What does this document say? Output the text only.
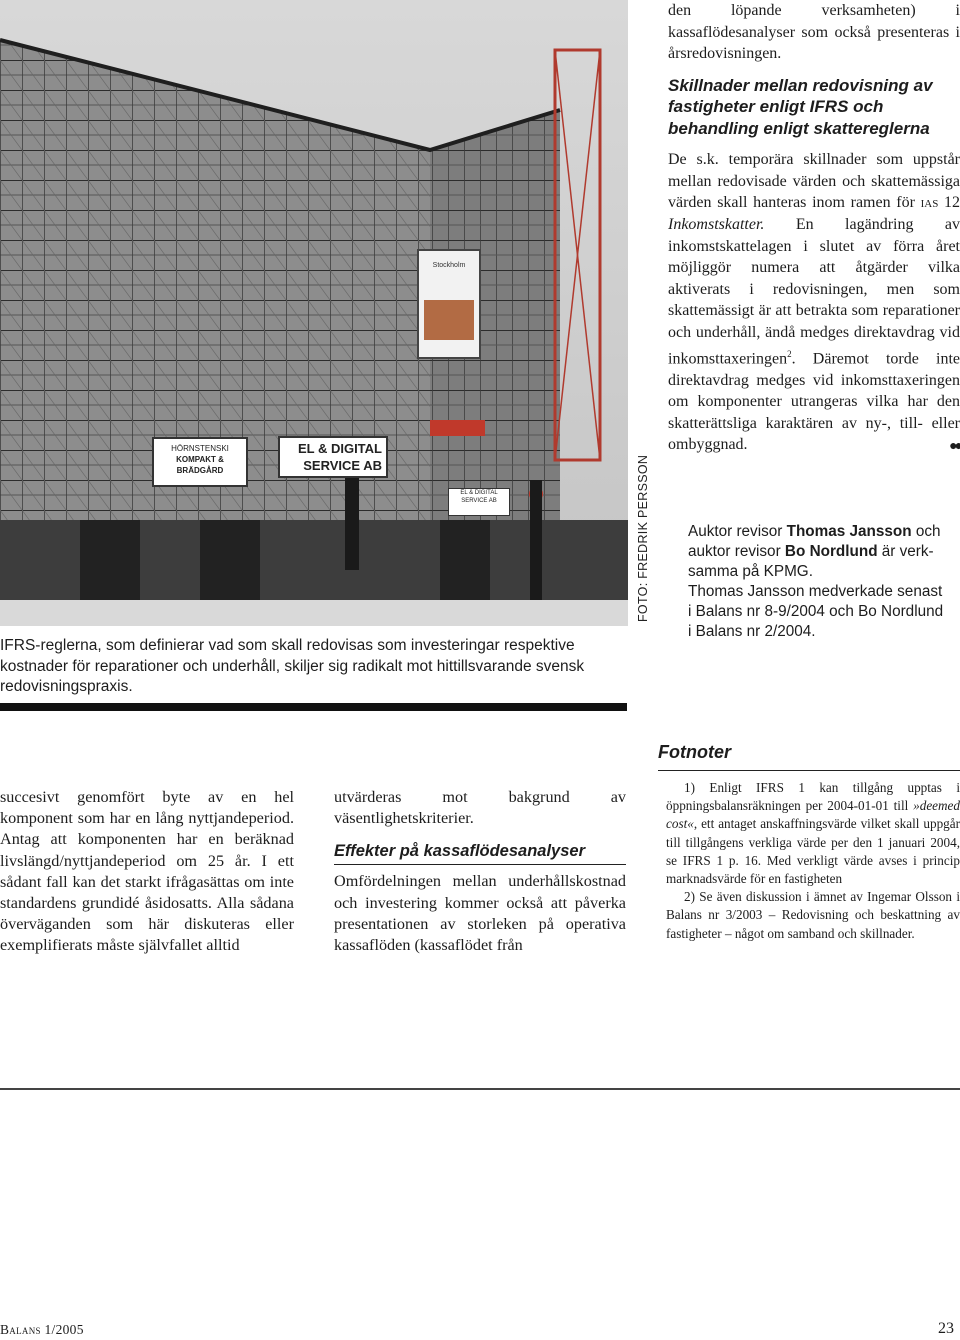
HÖRNSTENSKI
KOMPAKT & BRÄDGÅRD
EL & DIGITAL
SERVICE AB
EL & DIGITAL SERVICE AB
Stockholm
FOTO: FREDRIK PERSSON

den löpande verksamheten) i kassaflödesanalyser som också presenteras i årsredovisningen.

Skillnader mellan redovisning av fastigheter enligt IFRS och behandling enligt skattereglerna

De s.k. temporära skillnader som uppstår mellan redovisade värden och skattemässiga värden skall hanteras inom ramen för ias 12 Inkomstskatter. En lagändring av inkomstskattelagen i slutet av förra året möjliggör numera att åtgärder vilka aktiverats i redovisningen, men som skattemässigt är att betrakta som reparationer och underhåll, ändå medges direktavdrag vid inkomsttaxeringen$^2$. Däremot torde inte direktavdrag medges vid inkomsttaxeringen om komponenter utrangeras vilka har den skatterättsliga karaktären av ny-, till- eller ombyggnad.	●●

IFRS-reglerna, som definierar vad som skall redovisas som investeringar respektive kostnader för reparationer och underhåll, skiljer sig radikalt mot hittillsvarande svensk redovisningspraxis.
Auktor revisor Thomas Jansson och
auktor revisor Bo Nordlund är verk-
samma på KPMG.
Thomas Jansson medverkade senast
i Balans nr 8-9/2004 och Bo Nordlund
i Balans nr 2/2004.

succesivt genomfört byte av en hel komponent som har en lång nyttjandeperiod. Antag att komponenten har en beräknad livslängd/nyttjandeperiod om 25 år. I ett sådant fall kan det starkt ifrågasättas om inte standardens grundidé åsidosatts. Alla sådana överväganden som här diskuteras eller exemplifierats måste självfallet alltid

utvärderas mot bakgrund av väsentlighetskriterier.

Effekter på kassaflödesanalyser

Omfördelningen mellan underhållskostnad och investering kommer också att påverka presentationen av storleken på operativa kassaflöden (kassaflödet från

Fotnoter

1) Enligt IFRS 1 kan tillgång upptas i öppningsbalansräkningen per 2004-01-01 till »deemed cost«, ett antaget anskaffningsvärde vilket skall uppgår till tillgångens verkliga värde per den 1 januari 2004, se IFRS 1 p. 16. Med verkligt värde avses i princip marknadsvärde för en fastigheten

2) Se även diskussion i ämnet av Ingemar Olsson i Balans nr 3/2003 – Redovisning och beskattning av fastigheter – något om samband och skillnader.

Balans 1/2005	23
